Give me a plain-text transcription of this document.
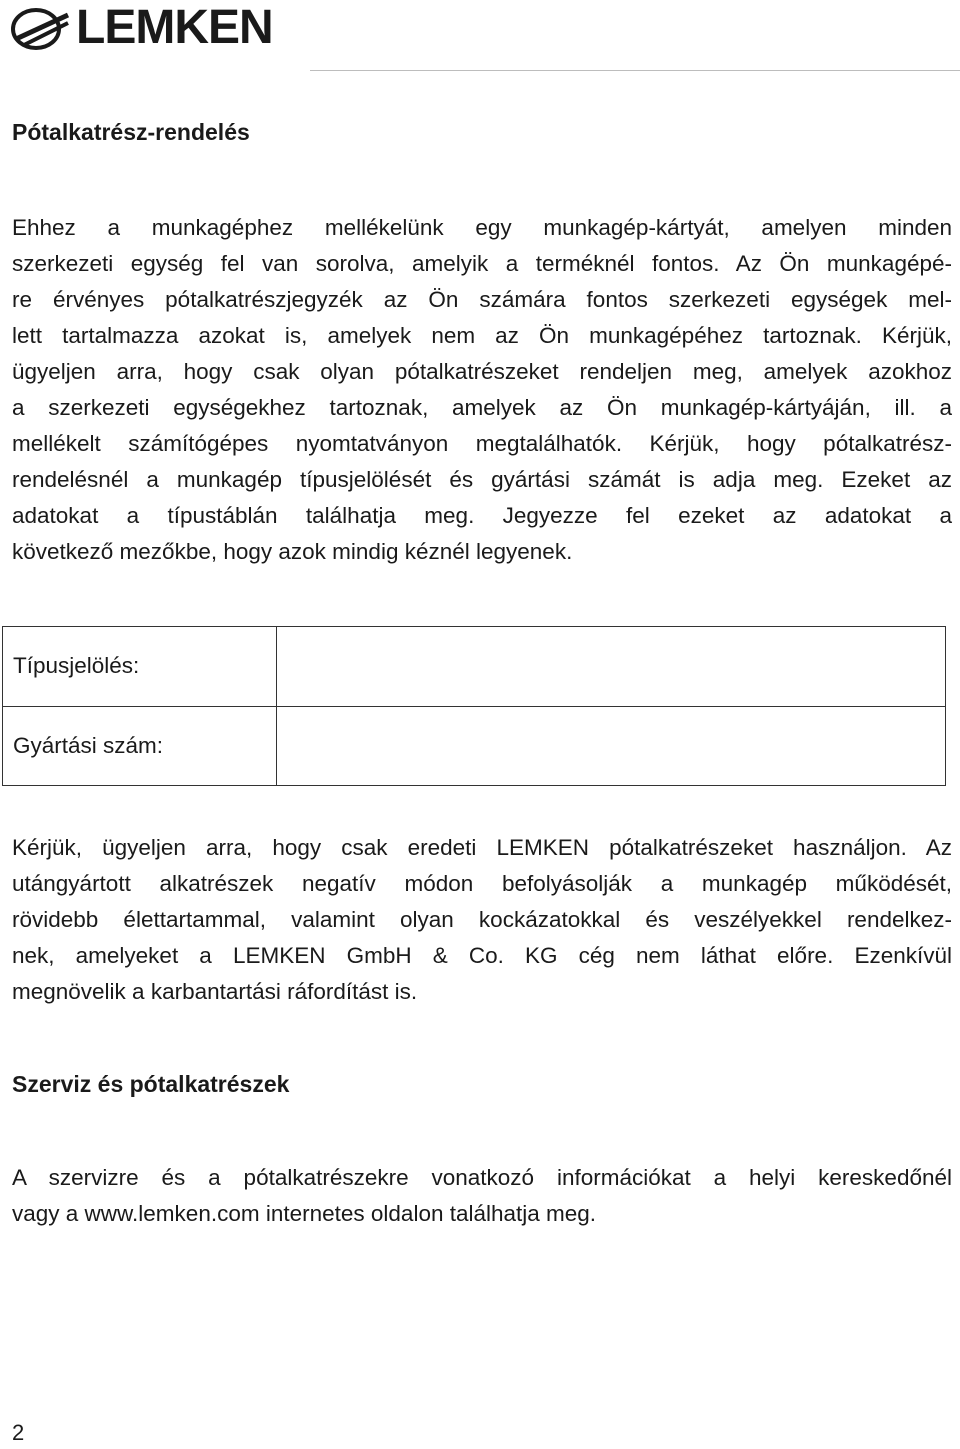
LEMKEN
Pótalkatrész-rendelés
Ehhez a munkagéphez mellékelünk egy munkagép-kártyát, amelyen minden
szerkezeti egység fel van sorolva, amelyik a terméknél fontos. Az Ön munkagépé-
re érvényes pótalkatrészjegyzék az Ön számára fontos szerkezeti egységek mel-
lett tartalmazza azokat is, amelyek nem az Ön munkagépéhez tartoznak. Kérjük,
ügyeljen arra, hogy csak olyan pótalkatrészeket rendeljen meg, amelyek azokhoz
a szerkezeti egységekhez tartoznak, amelyek az Ön munkagép-kártyáján, ill. a
mellékelt számítógépes nyomtatványon megtalálhatók. Kérjük, hogy pótalkatrész-
rendelésnél a munkagép típusjelölését és gyártási számát is adja meg. Ezeket az
adatokat a típustáblán találhatja meg. Jegyezze fel ezeket az adatokat a
következő mezőkbe, hogy azok mindig kéznél legyenek.
Típusjelölés:	
Gyártási szám:	
Kérjük, ügyeljen arra, hogy csak eredeti LEMKEN pótalkatrészeket használjon. Az
utángyártott alkatrészek negatív módon befolyásolják a munkagép működését,
rövidebb élettartammal, valamint olyan kockázatokkal és veszélyekkel rendelkez-
nek, amelyeket a LEMKEN GmbH & Co. KG cég nem láthat előre. Ezenkívül
megnövelik a karbantartási ráfordítást is.
Szerviz és pótalkatrészek
A szervizre és a pótalkatrészekre vonatkozó információkat a helyi kereskedőnél
vagy a www.lemken.com internetes oldalon találhatja meg.
2
